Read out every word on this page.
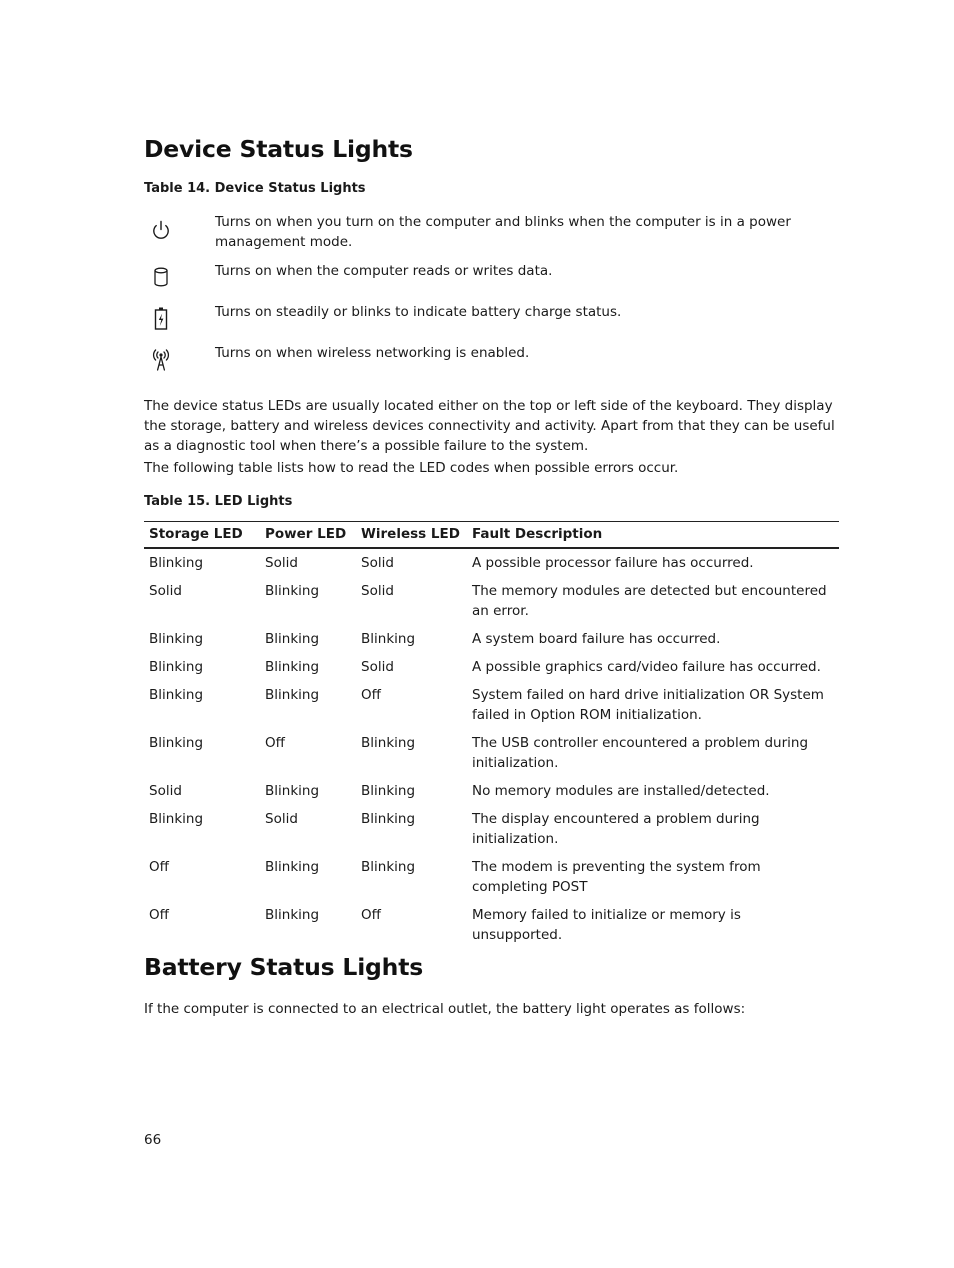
Device Status Lights

Table 14. Device Status Lights

Turns on when you turn on the computer and blinks when the computer is in a power management mode.
Turns on when the computer reads or writes data.
Turns on steadily or blinks to indicate battery charge status.
Turns on when wireless networking is enabled.

The device status LEDs are usually located either on the top or left side of the keyboard. They display the storage, battery and wireless devices connectivity and activity. Apart from that they can be useful as a diagnostic tool when there’s a possible failure to the system.

The following table lists how to read the LED codes when possible errors occur.

Table 15. LED Lights

Storage LED	Power LED	Wireless LED	Fault Description
Blinking	Solid	Solid	A possible processor failure has occurred.
Solid	Blinking	Solid	The memory modules are detected but encountered an error.
Blinking	Blinking	Blinking	A system board failure has occurred.
Blinking	Blinking	Solid	A possible graphics card/video failure has occurred.
Blinking	Blinking	Off	System failed on hard drive initialization OR System failed in Option ROM initialization.
Blinking	Off	Blinking	The USB controller encountered a problem during initialization.
Solid	Blinking	Blinking	No memory modules are installed/detected.
Blinking	Solid	Blinking	The display encountered a problem during initialization.
Off	Blinking	Blinking	The modem is preventing the system from completing POST
Off	Blinking	Off	Memory failed to initialize or memory is unsupported.
Battery Status Lights

If the computer is connected to an electrical outlet, the battery light operates as follows:

66
